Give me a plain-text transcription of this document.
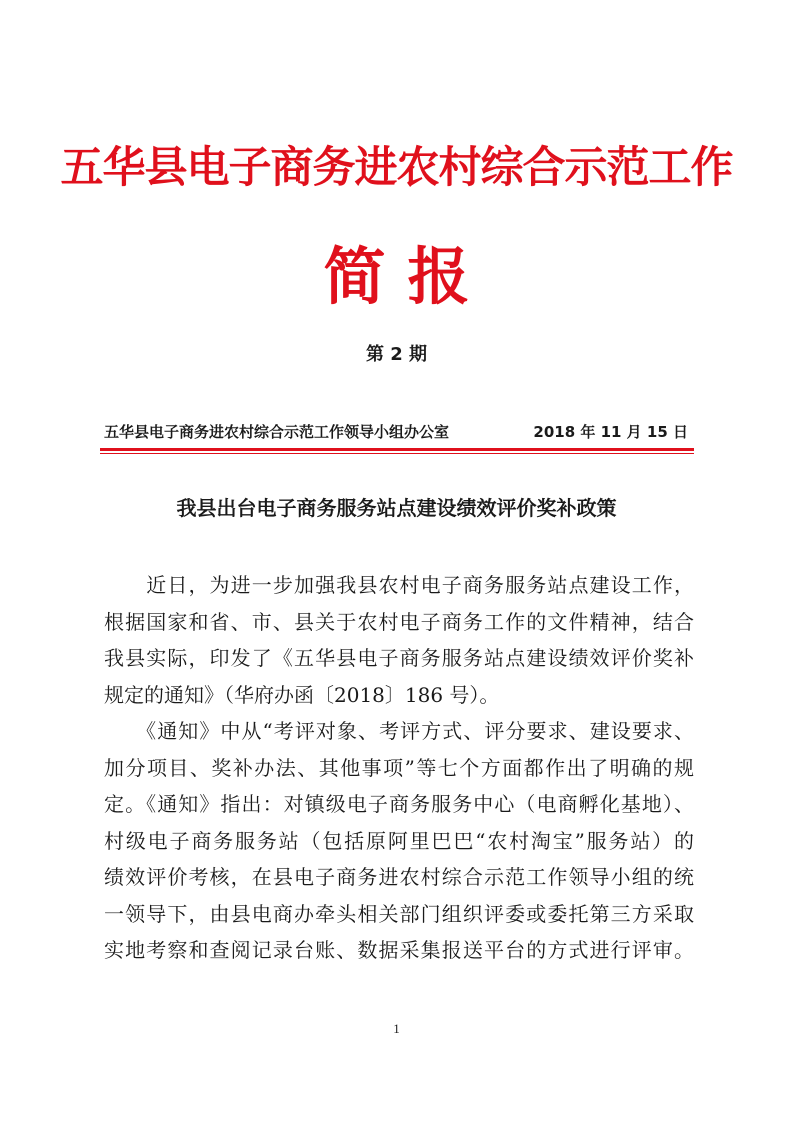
五华县电子商务进农村综合示范工作
简报
第 2 期
五华县电子商务进农村综合示范工作领导小组办公室	2018 年 11 月 15 日
我县出台电子商务服务站点建设绩效评价奖补政策
　　近日，为进一步加强我县农村电子商务服务站点建设工作，
根据国家和省、市、县关于农村电子商务工作的文件精神，结合
我县实际，印发了《五华县电子商务服务站点建设绩效评价奖补
规定的通知》（华府办函〔2018〕186 号）。
　　《通知》中从“考评对象、考评方式、评分要求、建设要求、
加分项目、奖补办法、其他事项”等七个方面都作出了明确的规
定。《通知》指出：对镇级电子商务服务中心（电商孵化基地）、
村级电子商务服务站（包括原阿里巴巴“农村淘宝”服务站）的
绩效评价考核，在县电子商务进农村综合示范工作领导小组的统
一领导下，由县电商办牵头相关部门组织评委或委托第三方采取
实地考察和查阅记录台账、数据采集报送平台的方式进行评审。
1
